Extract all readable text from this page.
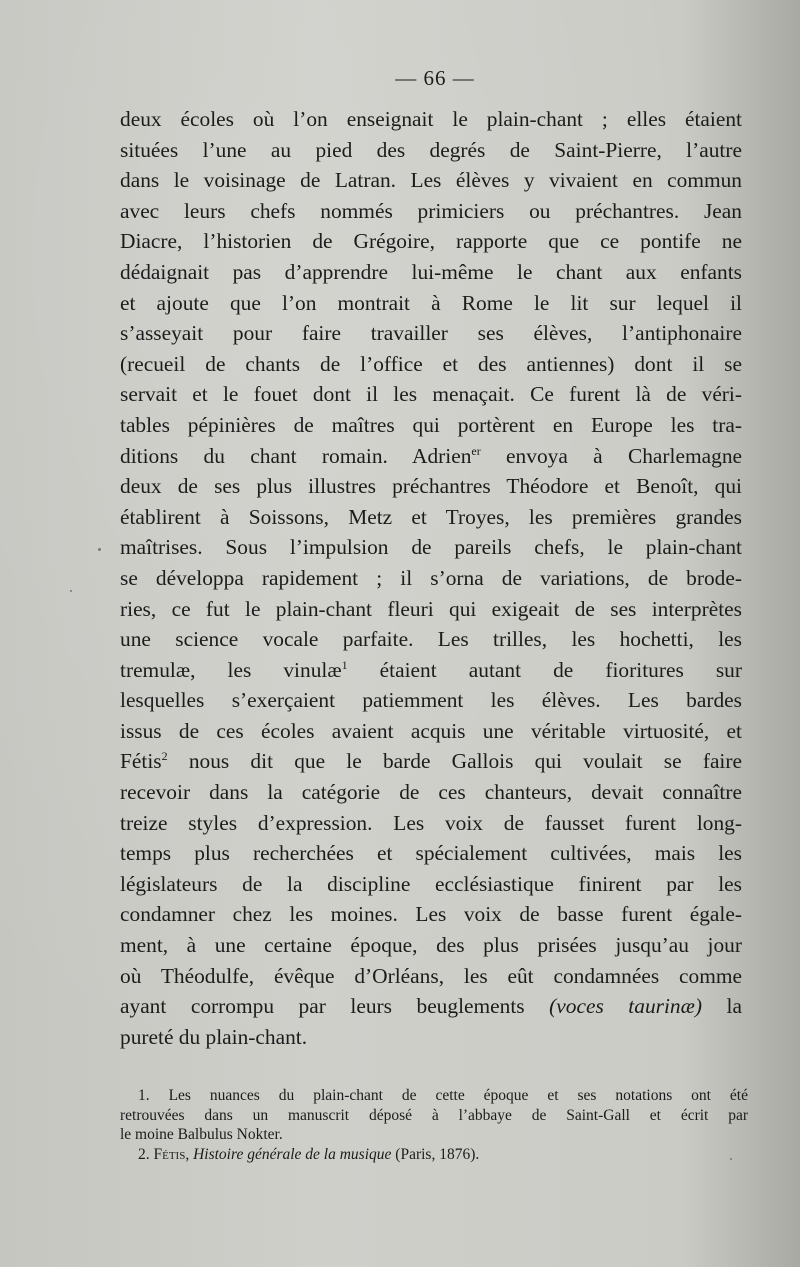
— 66 —
deux écoles où l’on enseignait le plain-chant ; elles étaient
situées l’une au pied des degrés de Saint-Pierre, l’autre
dans le voisinage de Latran. Les élèves y vivaient en commun
avec leurs chefs nommés primiciers ou préchantres. Jean
Diacre, l’historien de Grégoire, rapporte que ce pontife ne
dédaignait pas d’apprendre lui-même le chant aux enfants
et ajoute que l’on montrait à Rome le lit sur lequel il
s’asseyait pour faire travailler ses élèves, l’antiphonaire
(recueil de chants de l’office et des antiennes) dont il se
servait et le fouet dont il les menaçait. Ce furent là de véri-
tables pépinières de maîtres qui portèrent en Europe les tra-
ditions du chant romain. Adrien$^{er}$ envoya à Charlemagne
deux de ses plus illustres préchantres Théodore et Benoît, qui
établirent à Soissons, Metz et Troyes, les premières grandes
maîtrises. Sous l’impulsion de pareils chefs, le plain-chant
se développa rapidement ; il s’orna de variations, de brode-
ries, ce fut le plain-chant fleuri qui exigeait de ses interprètes
une science vocale parfaite. Les trilles, les hochetti, les
tremulæ, les vinulæ$^1$ étaient autant de fioritures sur
lesquelles s’exerçaient patiemment les élèves. Les bardes
issus de ces écoles avaient acquis une véritable virtuosité, et
Fétis$^2$ nous dit que le barde Gallois qui voulait se faire
recevoir dans la catégorie de ces chanteurs, devait connaître
treize styles d’expression. Les voix de fausset furent long-
temps plus recherchées et spécialement cultivées, mais les
législateurs de la discipline ecclésiastique finirent par les
condamner chez les moines. Les voix de basse furent égale-
ment, à une certaine époque, des plus prisées jusqu’au jour
où Théodulfe, évêque d’Orléans, les eût condamnées comme
ayant corrompu par leurs beuglements (voces taurinæ) la
pureté du plain-chant.
1. Les nuances du plain-chant de cette époque et ses notations ont été
retrouvées dans un manuscrit déposé à l’abbaye de Saint-Gall et écrit par
le moine Balbulus Nokter.
2. Fétis, Histoire générale de la musique (Paris, 1876).
